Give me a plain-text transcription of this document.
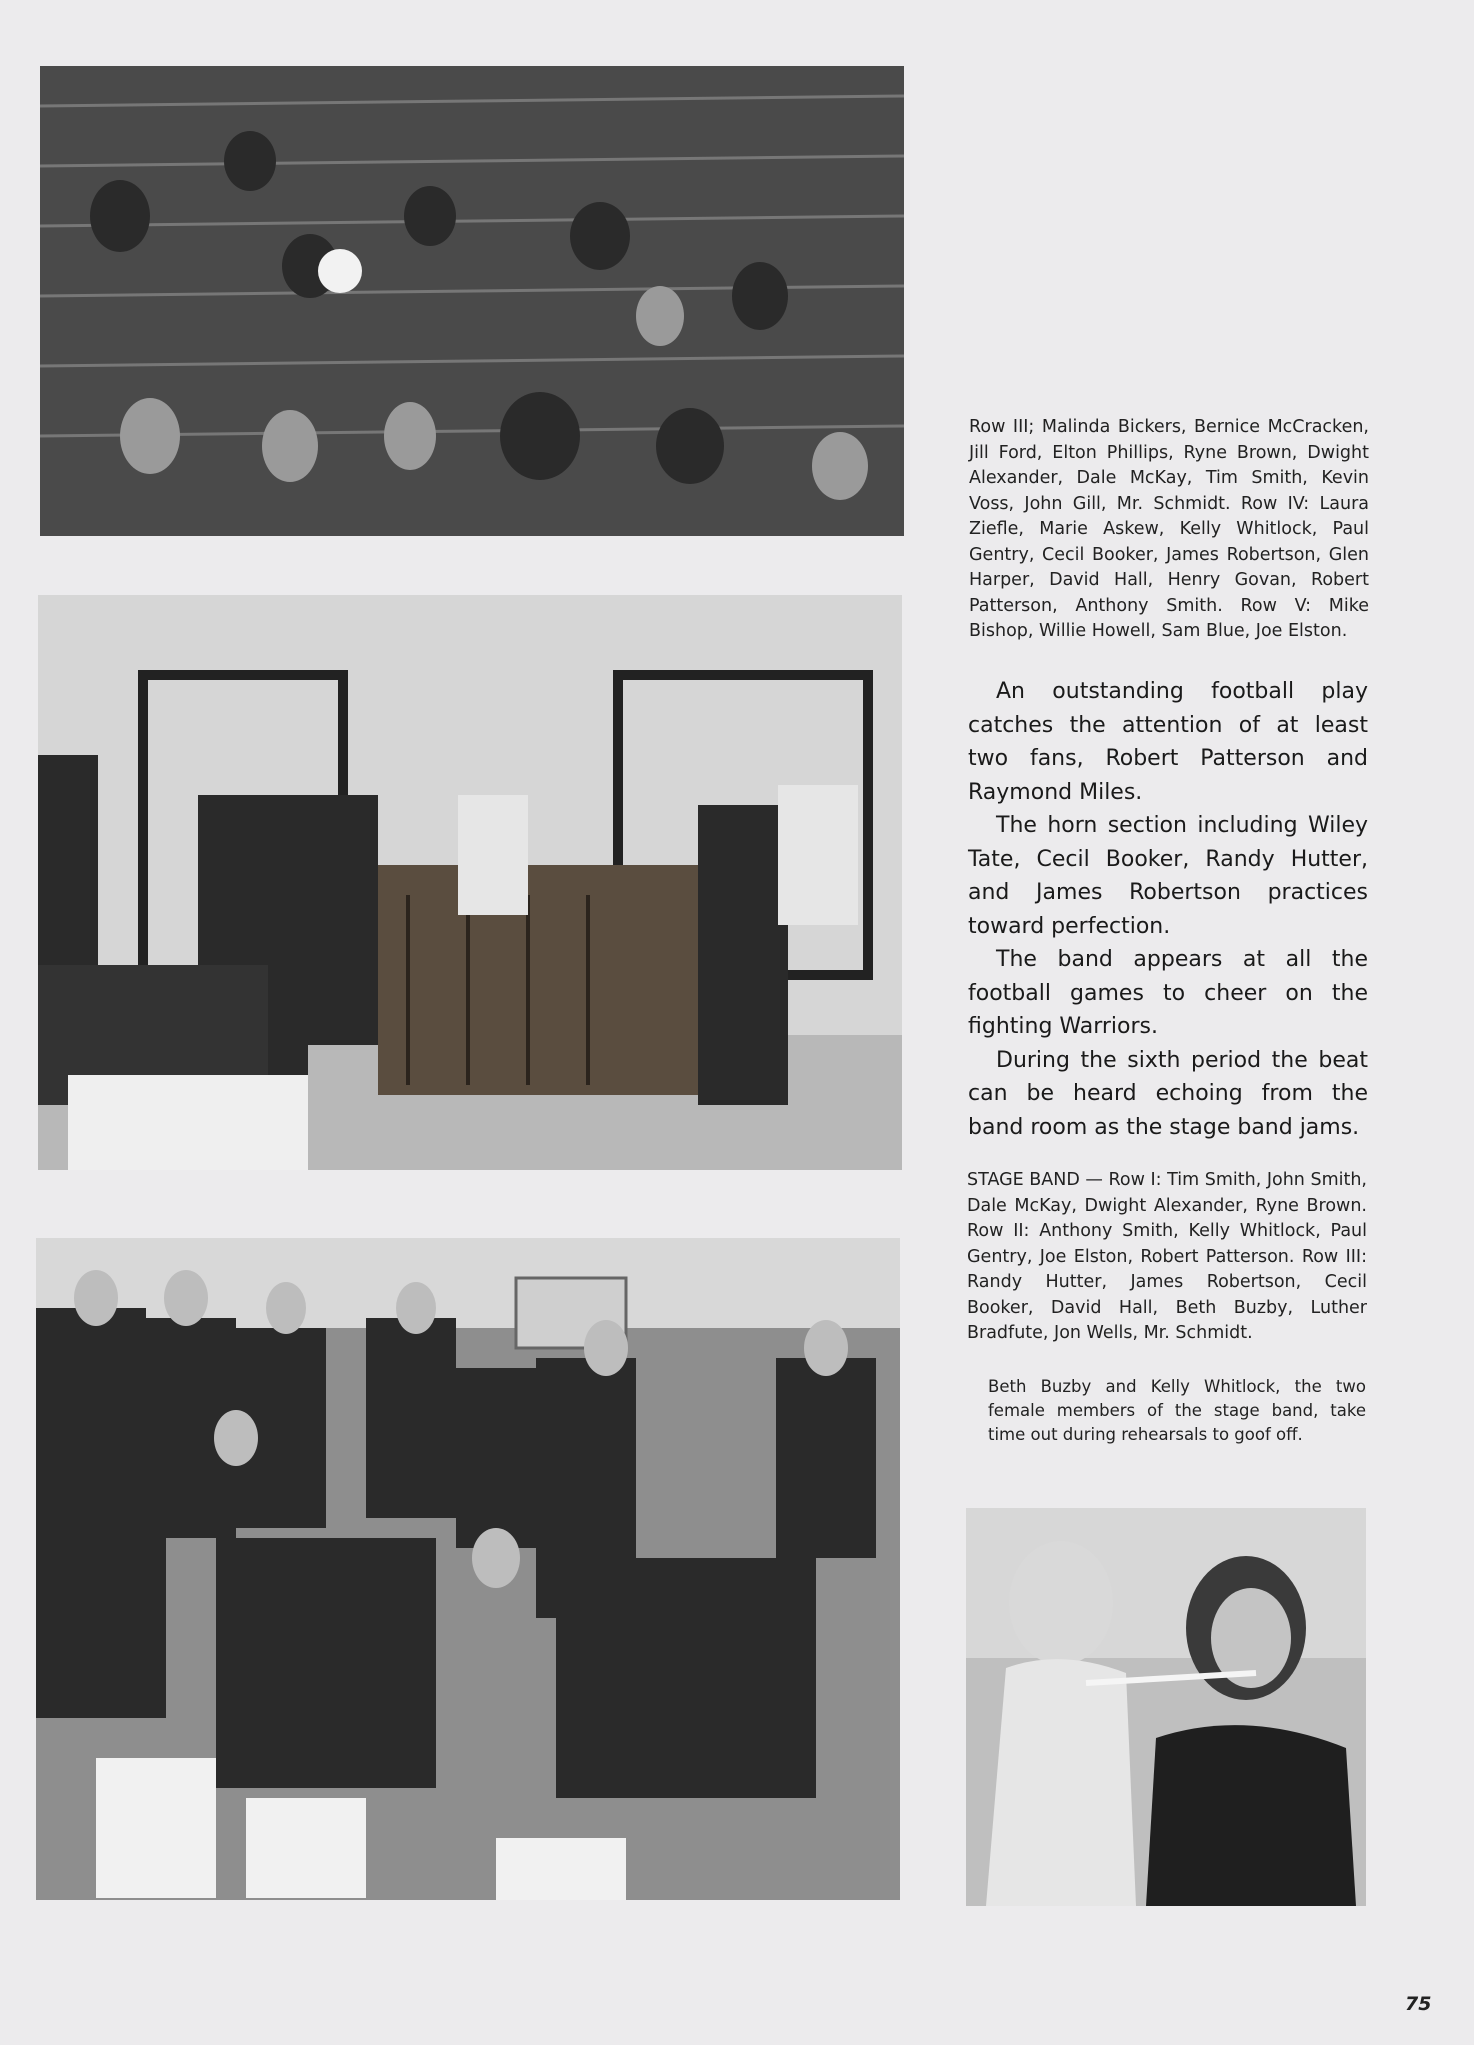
Row III; Malinda Bickers, Bernice McCracken, Jill Ford, Elton Phillips, Ryne Brown, Dwight Alexander, Dale McKay, Tim Smith, Kevin Voss, John Gill, Mr. Schmidt. Row IV: Laura Ziefle, Marie Askew, Kelly Whitlock, Paul Gentry, Cecil Booker, James Robertson, Glen Harper, David Hall, Henry Govan, Robert Patterson, Anthony Smith. Row V: Mike Bishop, Willie Howell, Sam Blue, Joe Elston.

An outstanding football play catches the attention of at least two fans, Robert Patterson and Raymond Miles.

The horn section including Wiley Tate, Cecil Booker, Randy Hutter, and James Robertson practices toward perfection.

The band appears at all the football games to cheer on the fighting Warriors.

During the sixth period the beat can be heard echoing from the band room as the stage band jams.

STAGE BAND — Row I: Tim Smith, John Smith, Dale McKay, Dwight Alexander, Ryne Brown. Row II: Anthony Smith, Kelly Whitlock, Paul Gentry, Joe Elston, Robert Patterson. Row III: Randy Hutter, James Robertson, Cecil Booker, David Hall, Beth Buzby, Luther Bradfute, Jon Wells, Mr. Schmidt.
Beth Buzby and Kelly Whitlock, the two female members of the stage band, take time out during rehearsals to goof off.
75
